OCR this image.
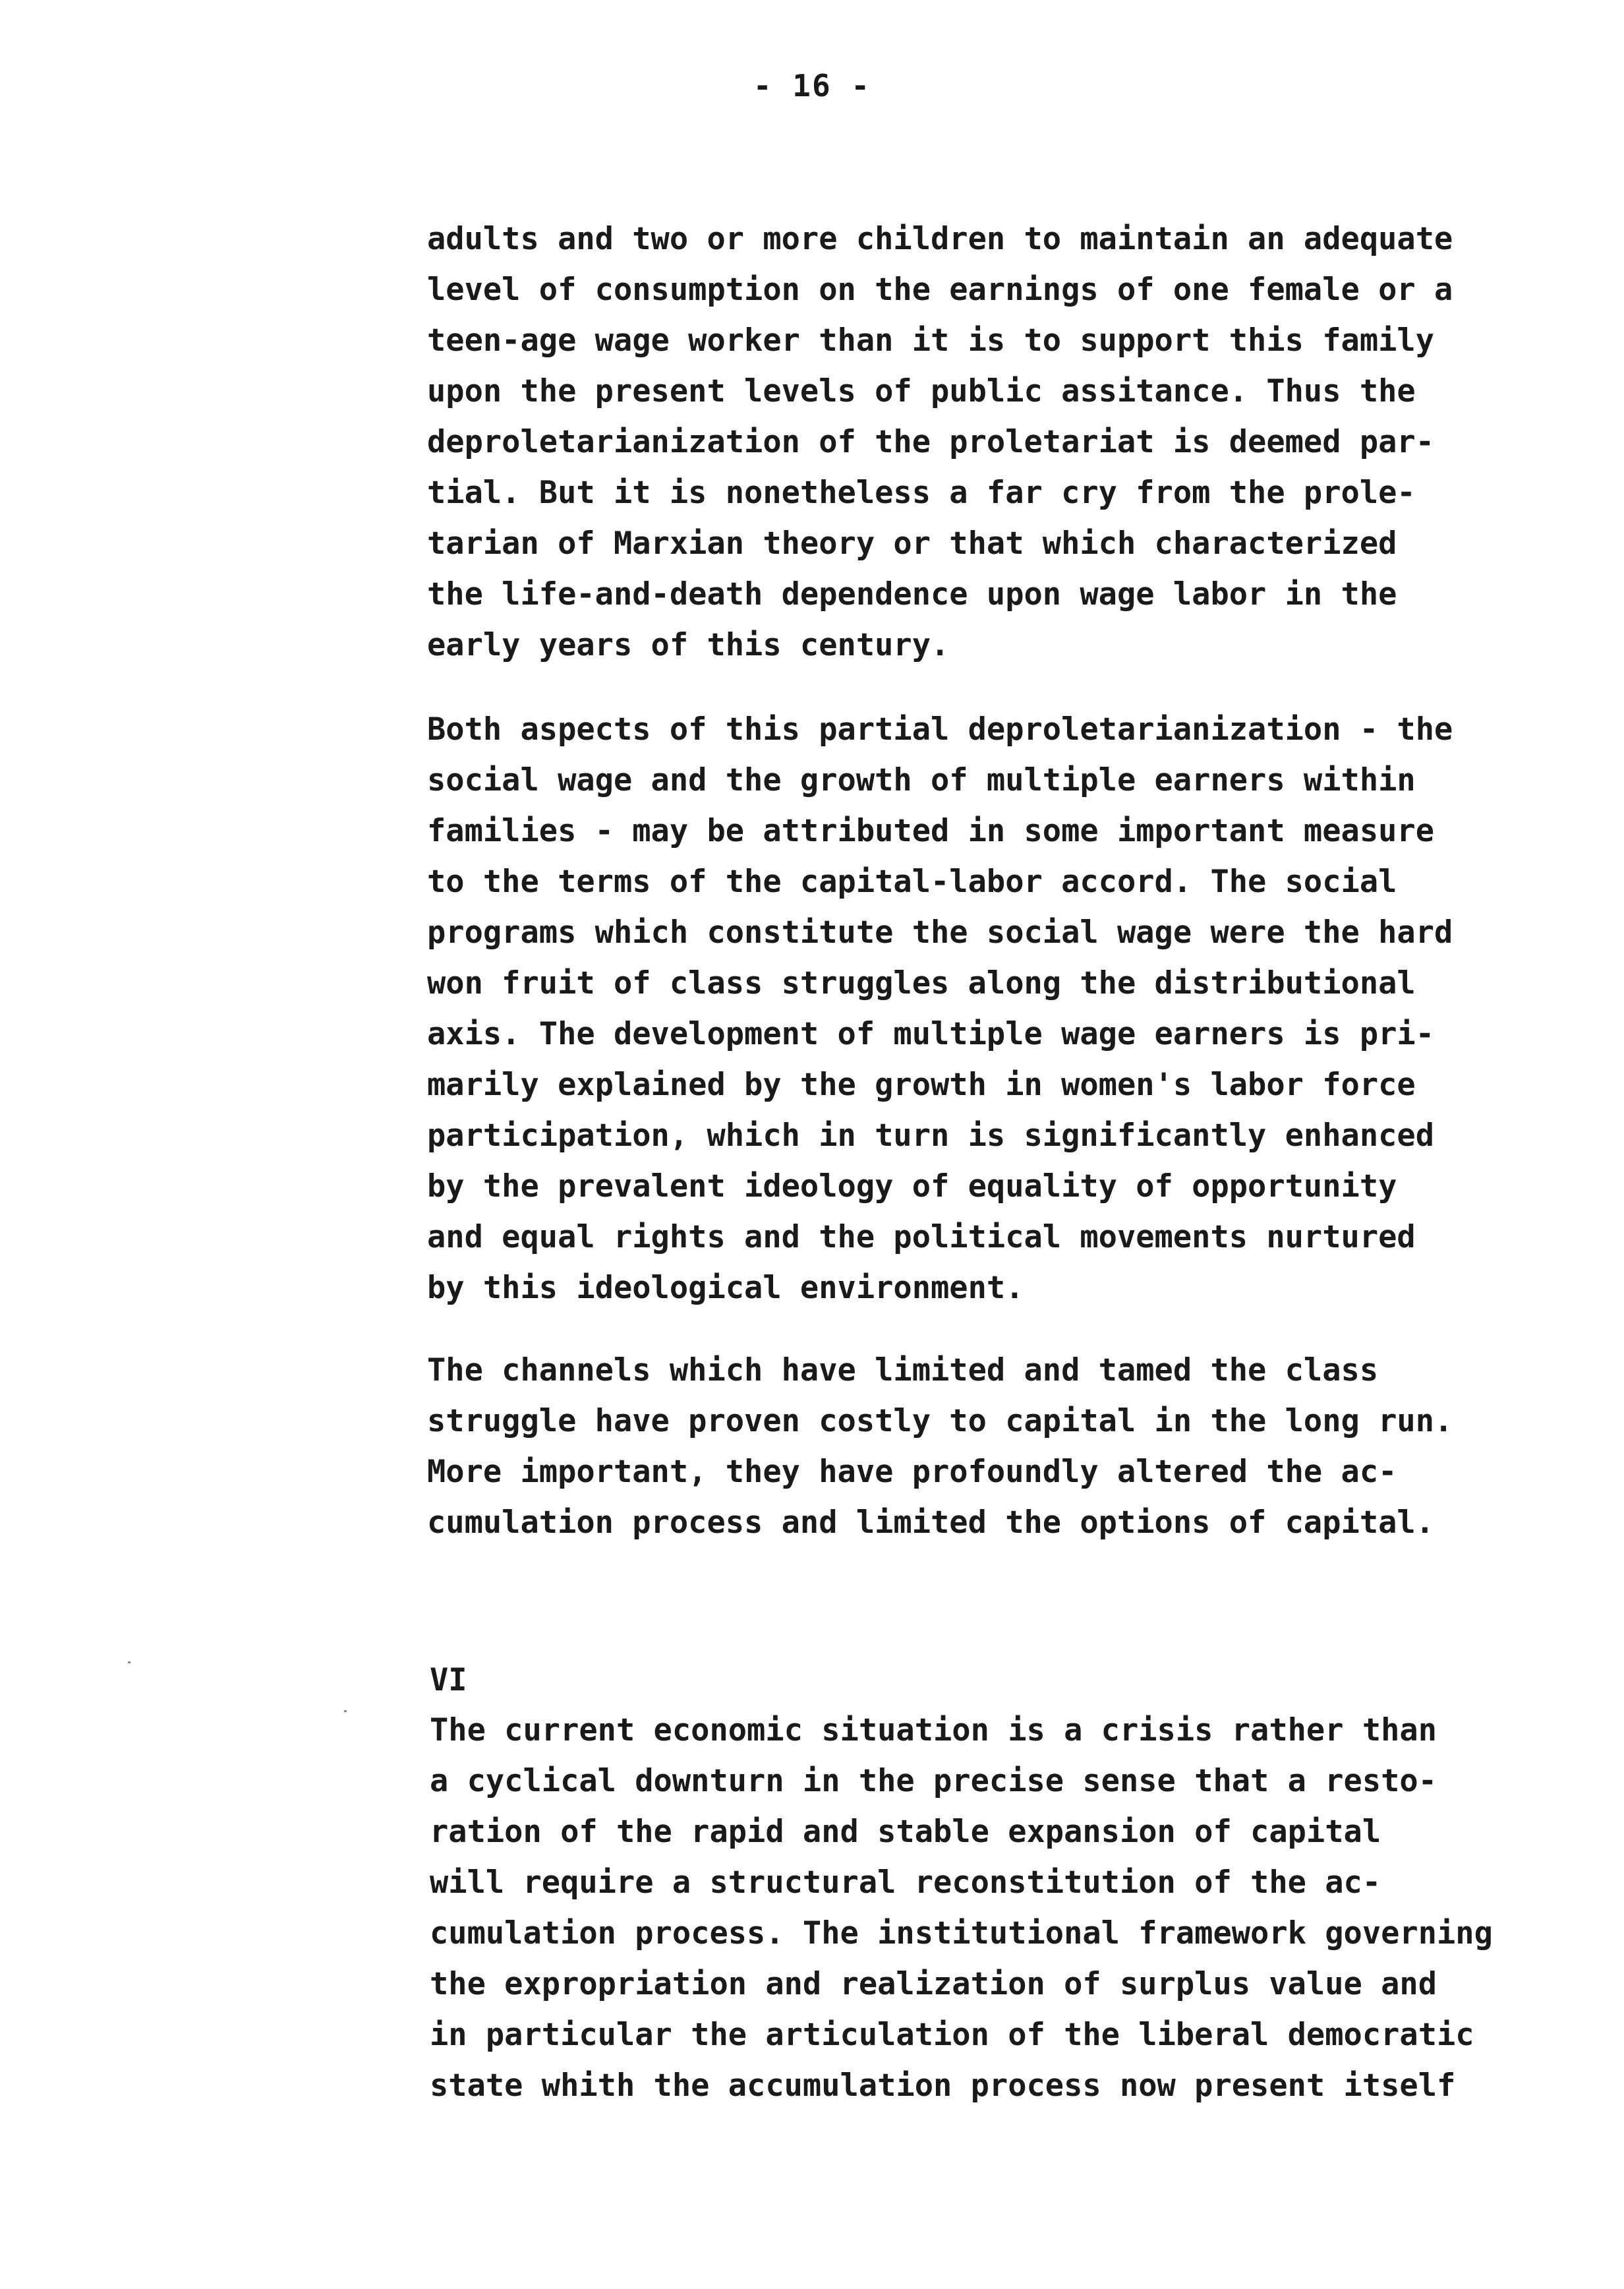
- 16 -
adults and two or more children to maintain an adequate
level of consumption on the earnings of one female or a
teen-age wage worker than it is to support this family
upon the present levels of public assitance. Thus the
deproletarianization of the proletariat is deemed par-
tial. But it is nonetheless a far cry from the prole-
tarian of Marxian theory or that which characterized
the life-and-death dependence upon wage labor in the
early years of this century.
Both aspects of this partial deproletarianization - the
social wage and the growth of multiple earners within
families - may be attributed in some important measure
to the terms of the capital-labor accord. The social
programs which constitute the social wage were the hard
won fruit of class struggles along the distributional
axis. The development of multiple wage earners is pri-
marily explained by the growth in women's labor force
participation, which in turn is significantly enhanced
by the prevalent ideology of equality of opportunity
and equal rights and the political movements nurtured
by this ideological environment.
The channels which have limited and tamed the class
struggle have proven costly to capital in the long run.
More important, they have profoundly altered the ac-
cumulation process and limited the options of capital.
VI
The current economic situation is a crisis rather than
a cyclical downturn in the precise sense that a resto-
ration of the rapid and stable expansion of capital
will require a structural reconstitution of the ac-
cumulation process. The institutional framework governing
the expropriation and realization of surplus value and
in particular the articulation of the liberal democratic
state whith the accumulation process now present itself
